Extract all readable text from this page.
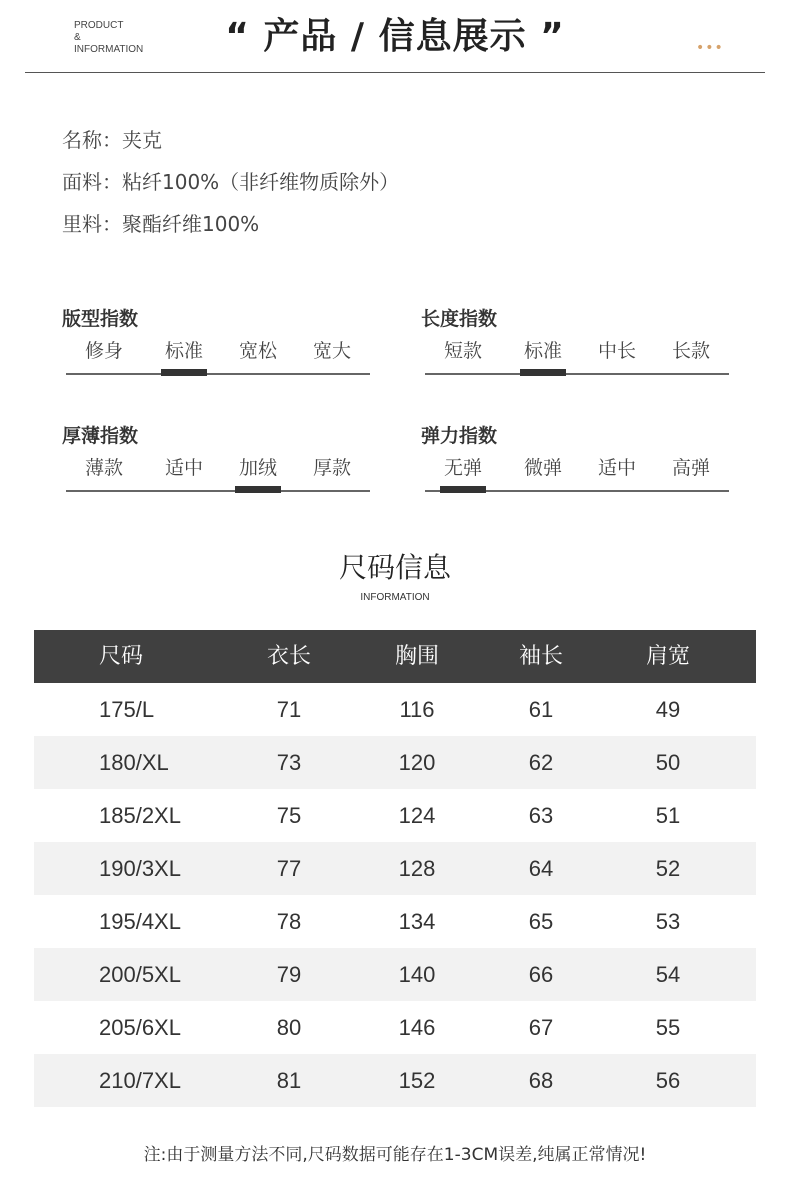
PRODUCT
&
INFORMATION	“ 产品 / 信息展示 ”	•••
名称：夹克
面料：粘纤100%（非纤维物质除外）
里料：聚酯纤维100%
版型指数
修身	标准	宽松	宽大
长度指数
短款	标准	中长	长款
厚薄指数
薄款	适中	加绒	厚款
弹力指数
无弹	微弹	适中	高弹
尺码信息
INFORMATION
尺码	衣长	胸围	袖长	肩宽
175/L	71	116	61	49
180/XL	73	120	62	50
185/2XL	75	124	63	51
190/3XL	77	128	64	52
195/4XL	78	134	65	53
200/5XL	79	140	66	54
205/6XL	80	146	67	55
210/7XL	81	152	68	56
注:由于测量方法不同,尺码数据可能存在1-3CM误差,纯属正常情况!
